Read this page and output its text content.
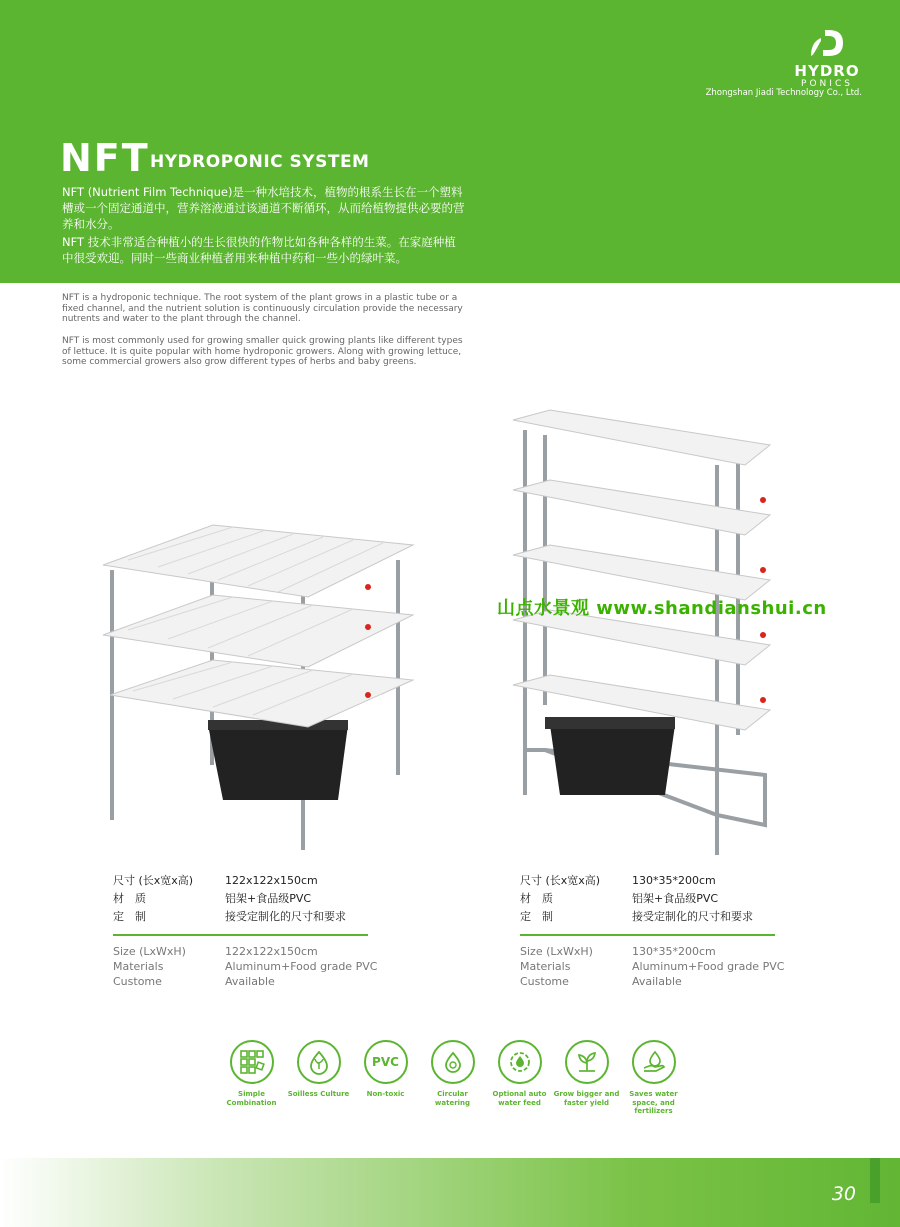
HYDRO
PONICS
Zhongshan Jiadi Technology Co., Ltd.
NFT HYDROPONIC SYSTEM
NFT (Nutrient Film Technique)是一种水培技术，植物的根系生长在一个塑料槽或一个固定通道中，营养溶液通过该通道不断循环，从而给植物提供必要的营养和水分。
NFT 技术非常适合种植小的生长很快的作物比如各种各样的生菜。在家庭种植中很受欢迎。同时一些商业种植者用来种植中药和一些小的绿叶菜。
NFT is a hydroponic technique. The root system of the plant grows in a plastic tube or a fixed channel, and the nutrient solution is continuously circulation provide the necessary nutrents and water to the plant through the channel.
NFT is most commonly used for growing smaller quick growing plants like different types of lettuce. It is quite popular with home hydroponic growers. Along with growing lettuce, some commercial growers also grow different types of herbs and baby greens.
山点水景观 www.shandianshui.cn
尺寸 (长x宽x高)	122x122x150cm
材　质	铝架+食品级PVC
定　制	接受定制化的尺寸和要求
Size (LxWxH)	122x122x150cm
Materials	Aluminum+Food grade PVC
Custome	Available
尺寸 (长x宽x高)	130*35*200cm
材　质	铝架+食品级PVC
定　制	接受定制化的尺寸和要求
Size (LxWxH)	130*35*200cm
Materials	Aluminum+Food grade PVC
Custome	Available
Simple Combination
Soilless Culture
PVC
Non-toxic	Circular watering
Optional auto water feed
Grow bigger and faster yield
Saves water space, and fertilizers
30
